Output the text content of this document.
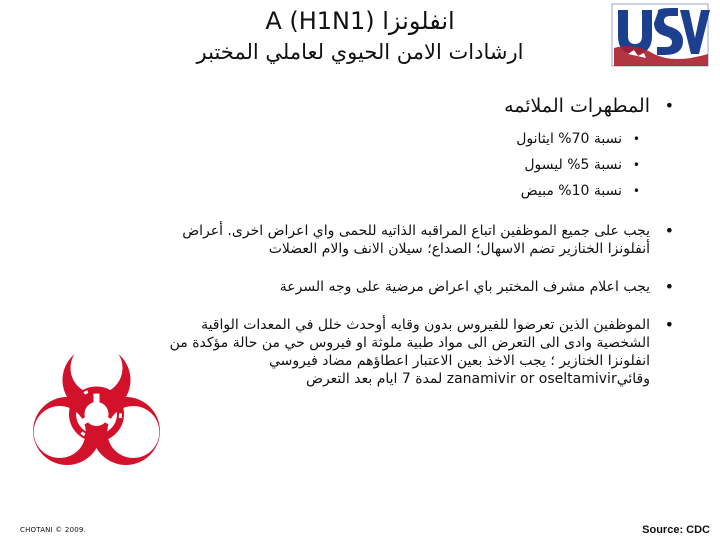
انفلونزا A (H1N1)
ارشادات الامن الحيوي لعاملي المختبر
• المطهرات الملائمه
• نسبة 70% ايثانول
• نسبة 5% ليسول
• نسبة 10% مبيض
• يجب على جميع الموظفين اتباع المراقبه الذاتيه للحمى واي اعراض اخرى. أعراض أنفلونزا الخنازير تضم الاسهال؛ الصداع؛ سيلان الانف والام العضلات
• يجب اعلام مشرف المختبر باي اعراض مرضية على وجه السرعة
• الموظفين الذين تعرضوا للفيروس بدون وقايه أوحدث خلل في المعدات الواقية الشخصية وادى الى التعرض الى مواد طبية ملوثة او فيروس حي من حالة مؤكدة من انفلونزا الخنازير ؛ يجب الاخذ بعين الاعتبار اعطاؤهم مضاد فيروسي وقائيzanamivir or oseltamivir لمدة 7 ايام بعد التعرض
CHOTANI © 2009.	Source: CDC
